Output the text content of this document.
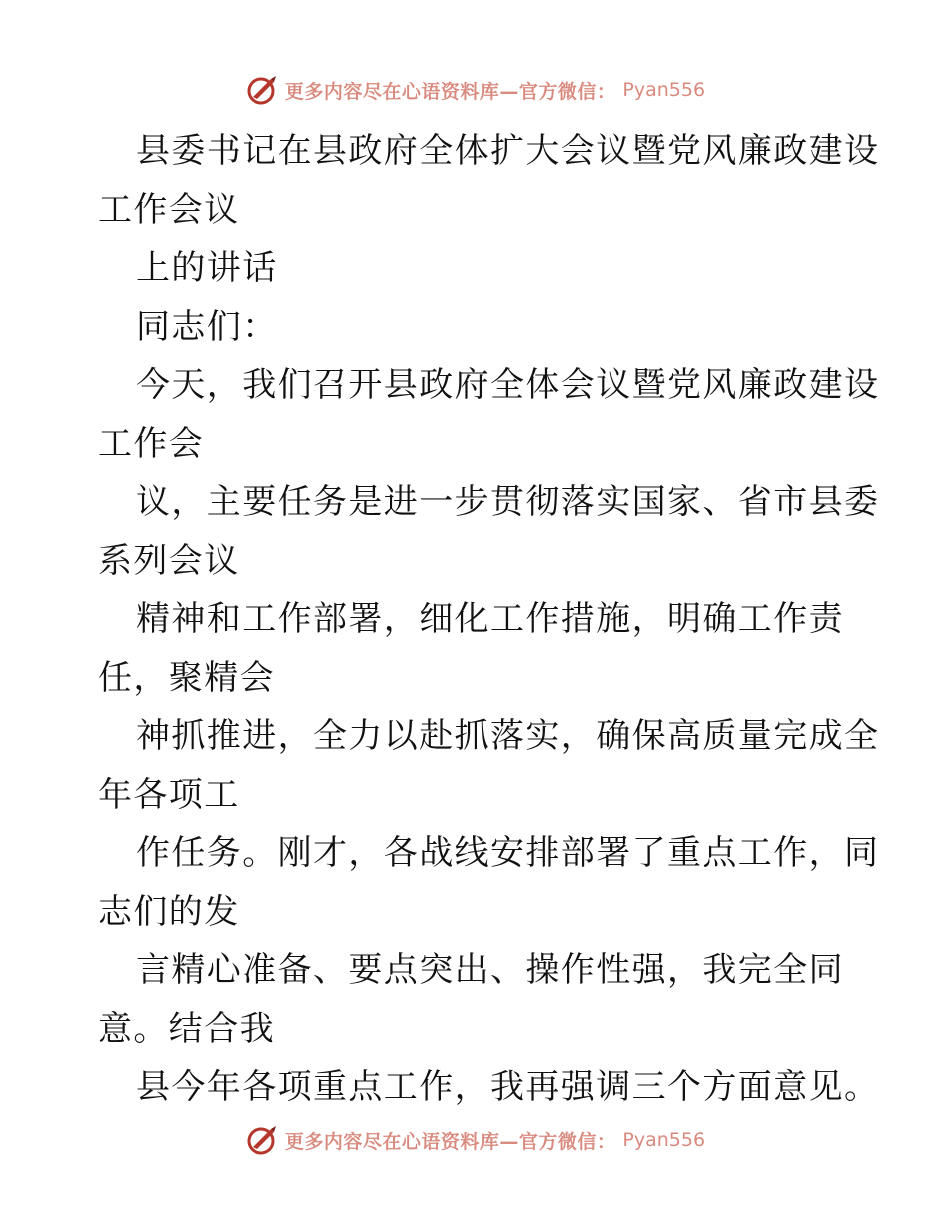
更多内容尽在心语资料库—官方微信： Pyan556
县委书记在县政府全体扩大会议暨党风廉政建设
工作会议
上的讲话
同志们：
今天，我们召开县政府全体会议暨党风廉政建设
工作会
议，主要任务是进一步贯彻落实国家、省市县委
系列会议
精神和工作部署，细化工作措施，明确工作责
任，聚精会
神抓推进，全力以赴抓落实，确保高质量完成全
年各项工
作任务。刚才，各战线安排部署了重点工作，同
志们的发
言精心准备、要点突出、操作性强，我完全同
意。结合我
县今年各项重点工作，我再强调三个方面意见。
更多内容尽在心语资料库—官方微信： Pyan556
